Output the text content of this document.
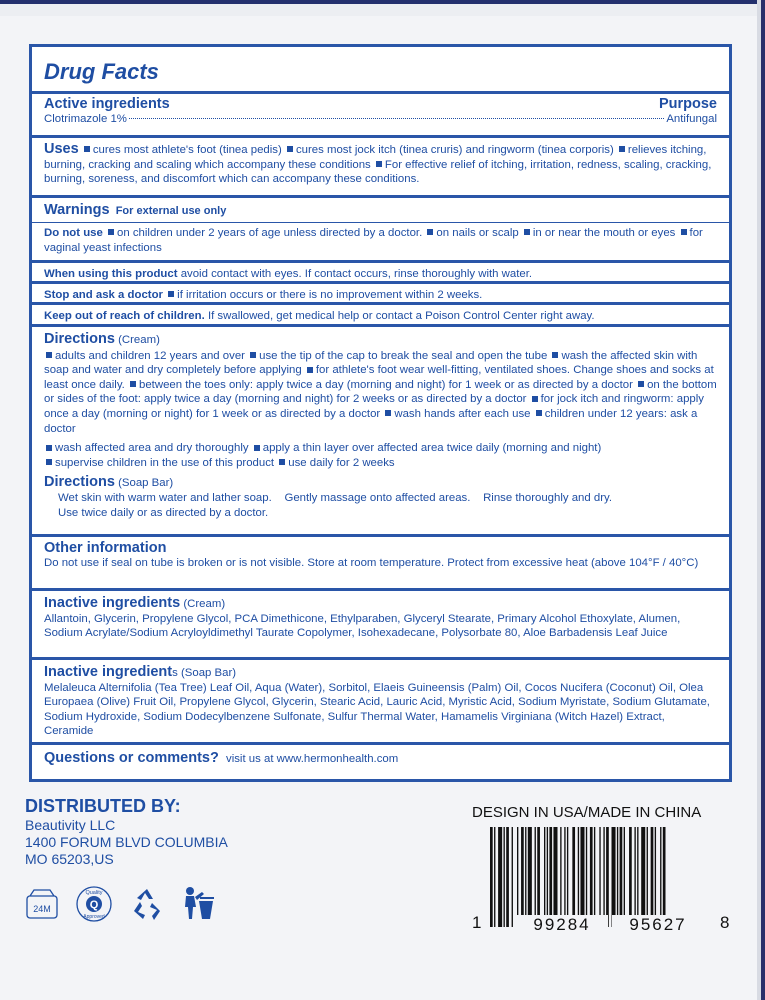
Drug Facts
Active ingredients	Purpose
Clotrimazole 1%	Antifungal
Uses cures most athlete's foot (tinea pedis) cures most jock itch (tinea cruris) and ringworm (tinea corporis) relieves itching, burning, cracking and scaling which accompany these conditions For effective relief of itching, irritation, redness, scaling, cracking, burning, soreness, and discomfort which can accompany these conditions.
Warnings For external use only
Do not use on children under 2 years of age unless directed by a doctor. on nails or scalp in or near the mouth or eyes for vaginal yeast infections
When using this product avoid contact with eyes. If contact occurs, rinse thoroughly with water.
Stop and ask a doctor if irritation occurs or there is no improvement within 2 weeks.
Keep out of reach of children. If swallowed, get medical help or contact a Poison Control Center right away.
Directions (Cream)
adults and children 12 years and over use the tip of the cap to break the seal and open the tube wash the affected skin with soap and water and dry completely before applying for athlete's foot wear well-fitting, ventilated shoes. Change shoes and socks at least once daily. between the toes only: apply twice a day (morning and night) for 1 week or as directed by a doctor on the bottom or sides of the foot: apply twice a day (morning and night) for 2 weeks or as directed by a doctor for jock itch and ringworm: apply once a day (morning or night) for 1 week or as directed by a doctor wash hands after each use children under 12 years: ask a doctor
wash affected area and dry thoroughly apply a thin layer over affected area twice daily (morning and night)
supervise children in the use of this product use daily for 2 weeks
Directions (Soap Bar)
Wet skin with warm water and lather soap. Gently massage onto affected areas. Rinse thoroughly and dry.
Use twice daily or as directed by a doctor.
Other information
Do not use if seal on tube is broken or is not visible. Store at room temperature. Protect from excessive heat (above 104°F / 40°C)
Inactive ingredients (Cream)
Allantoin, Glycerin, Propylene Glycol, PCA Dimethicone, Ethylparaben, Glyceryl Stearate, Primary Alcohol Ethoxylate, Alumen, Sodium Acrylate/Sodium Acryloyldimethyl Taurate Copolymer, Isohexadecane, Polysorbate 80, Aloe Barbadensis Leaf Juice
Inactive ingredients (Soap Bar)
Melaleuca Alternifolia (Tea Tree) Leaf Oil, Aqua (Water), Sorbitol, Elaeis Guineensis (Palm) Oil, Cocos Nucifera (Coconut) Oil, Olea Europaea (Olive) Fruit Oil, Propylene Glycol, Glycerin, Stearic Acid, Lauric Acid, Myristic Acid, Sodium Myristate, Sodium Glutamate, Sodium Hydroxide, Sodium Dodecylbenzene Sulfonate, Sulfur Thermal Water, Hamamelis Virginiana (Witch Hazel) Extract, Ceramide
Questions or comments? visit us at www.hermonhealth.com
DISTRIBUTED BY:
Beautivity LLC
1400 FORUM BLVD COLUMBIA
MO 65203,US
24M	Q
Quality
Approved
DESIGN IN USA/MADE IN CHINA
1	99284	95627	8
